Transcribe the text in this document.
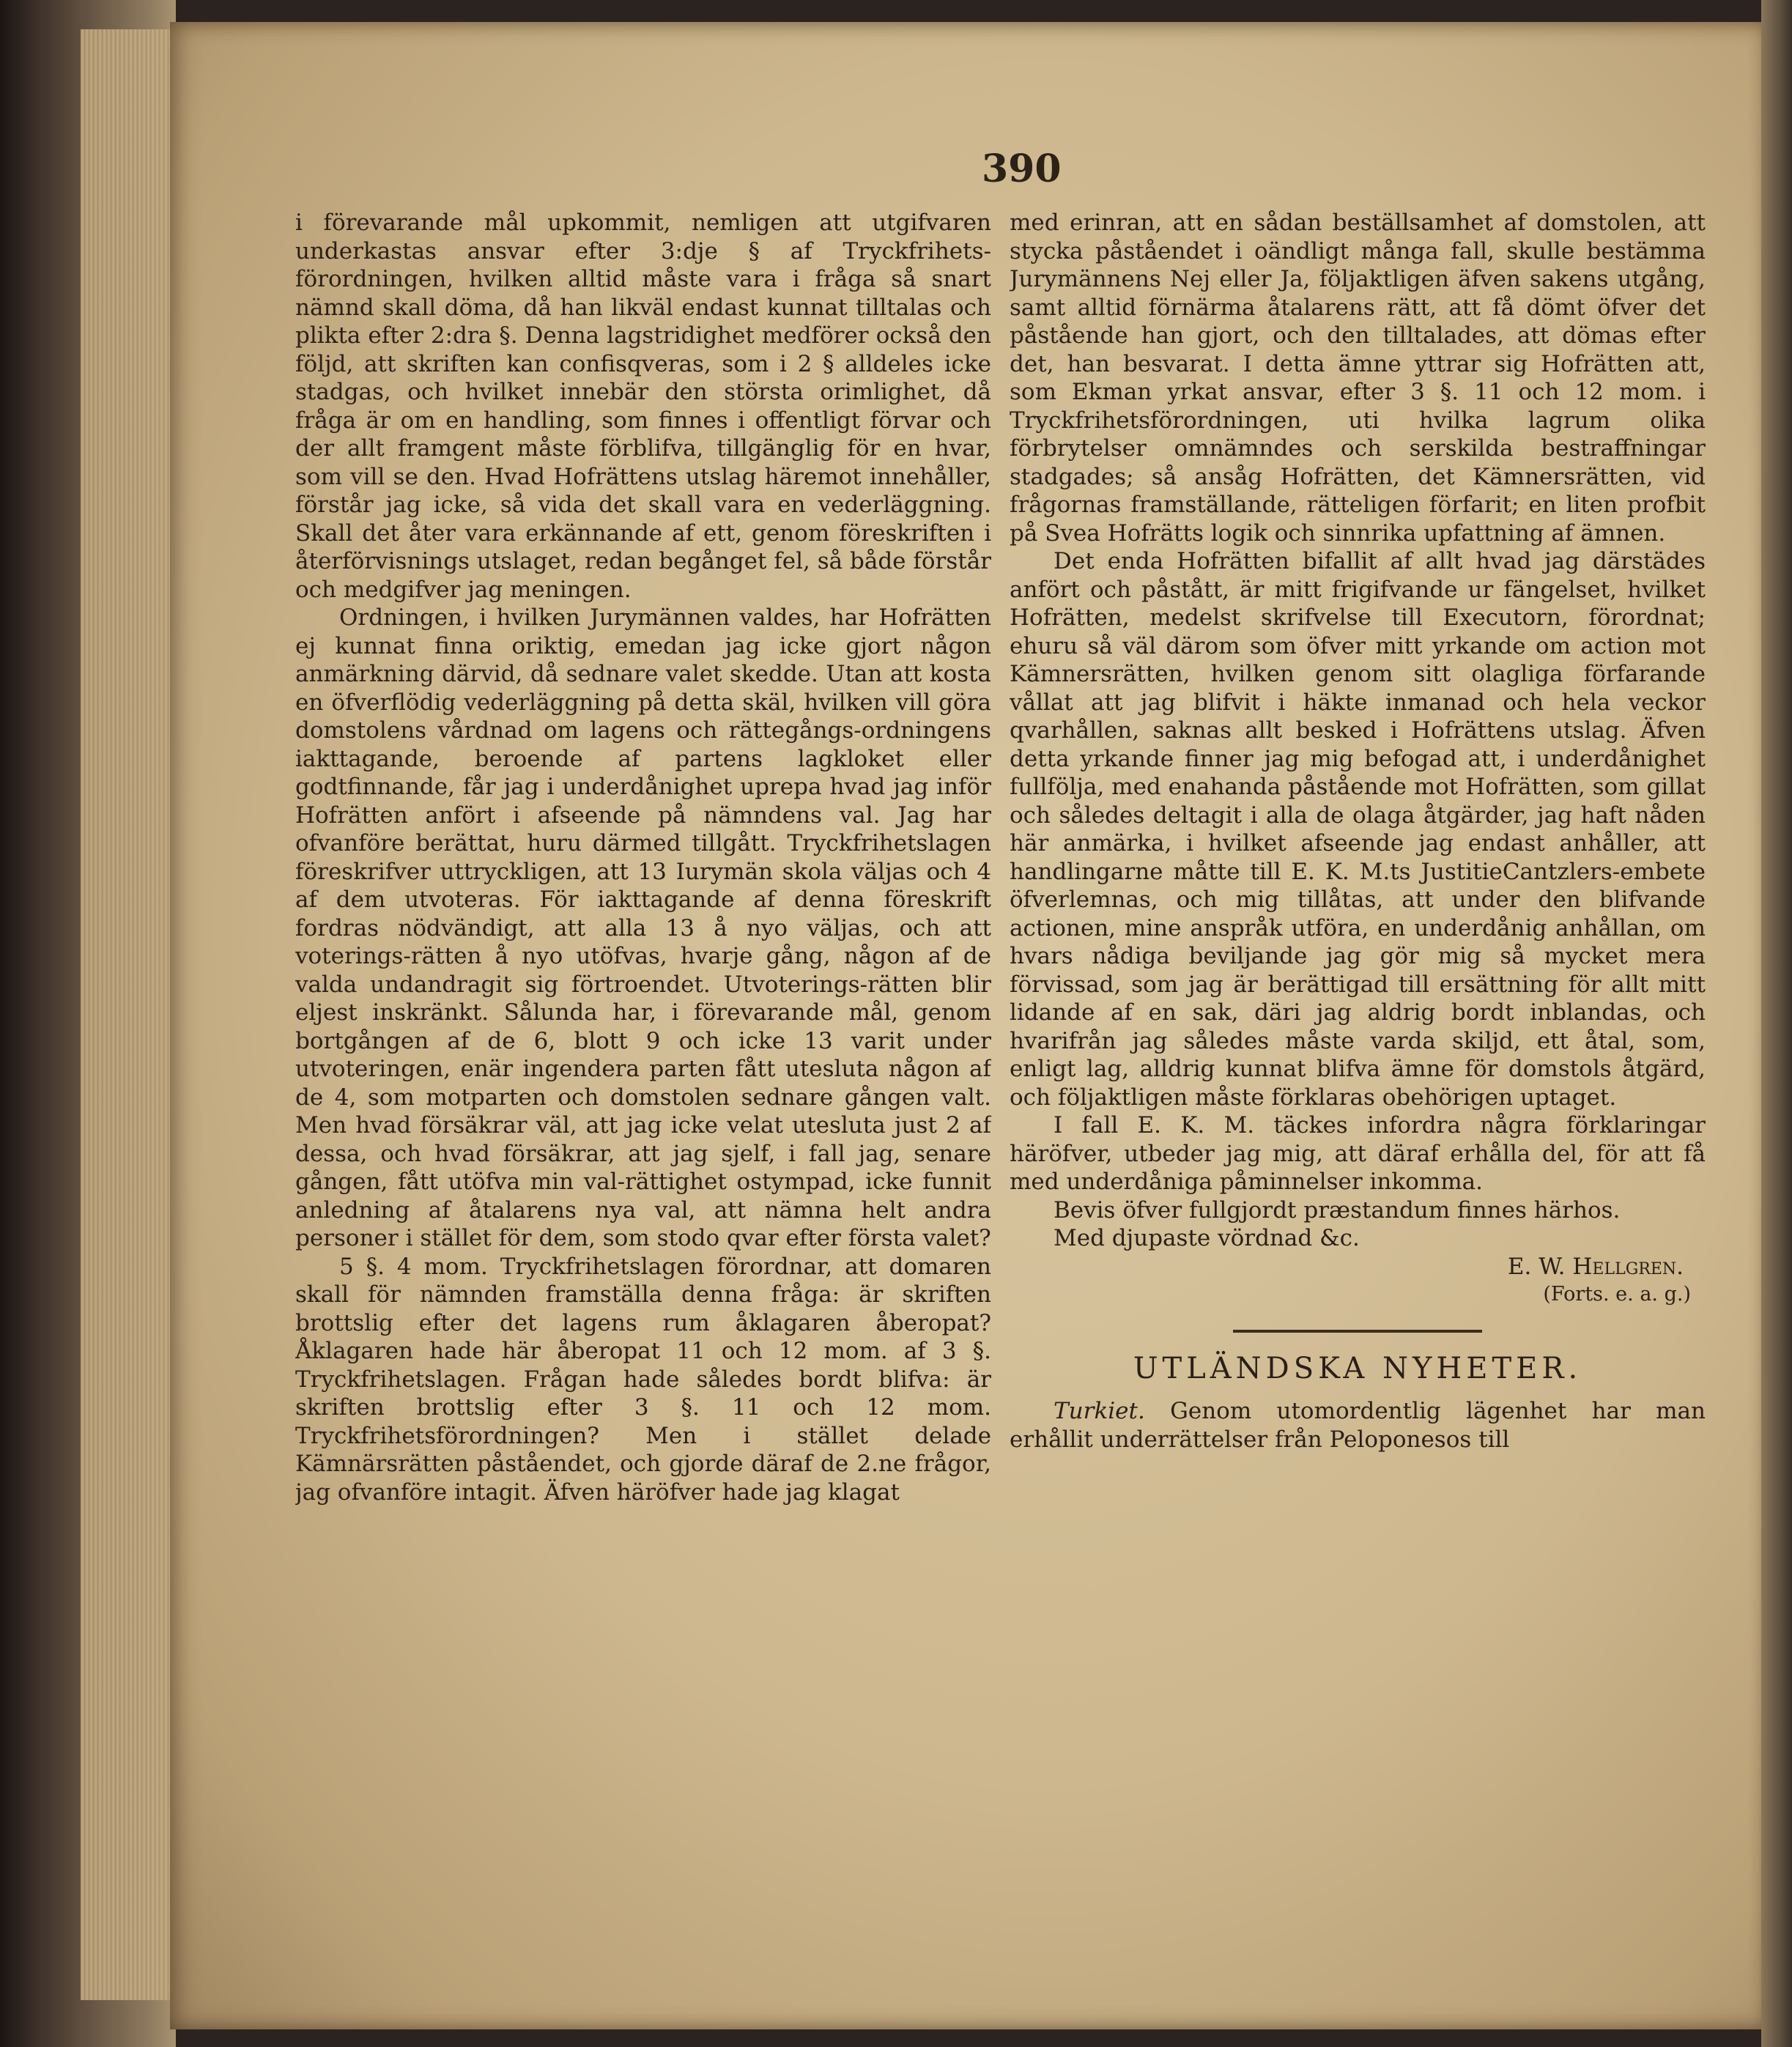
390

i förevarande mål upkommit, nemligen att utgifvaren underkastas ansvar efter 3:dje § af Tryckfrihets-förordningen, hvilken alltid måste vara i fråga så snart nämnd skall döma, då han likväl endast kunnat tilltalas och plikta efter 2:dra §. Denna lagstridighet medförer också den följd, att skriften kan confisqveras, som i 2 § alldeles icke stadgas, och hvilket innebär den största orimlighet, då fråga är om en handling, som finnes i offentligt förvar och der allt framgent måste förblifva, tillgänglig för en hvar, som vill se den. Hvad Hofrättens utslag häremot innehåller, förstår jag icke, så vida det skall vara en vederläggning. Skall det åter vara erkännande af ett, genom föreskriften i återförvisnings utslaget, redan begånget fel, så både förstår och medgifver jag meningen.

Ordningen, i hvilken Jurymännen valdes, har Hofrätten ej kunnat finna oriktig, emedan jag icke gjort någon anmärkning därvid, då sednare valet skedde. Utan att kosta en öfverflödig vederläggning på detta skäl, hvilken vill göra domstolens vårdnad om lagens och rättegångs-ordningens iakttagande, beroende af partens lagkloket eller godtfinnande, får jag i underdånighet uprepa hvad jag inför Hofrätten anfört i afseende på nämndens val. Jag har ofvanföre berättat, huru därmed tillgått. Tryckfrihetslagen föreskrifver uttryckligen, att 13 Iurymän skola väljas och 4 af dem utvoteras. För iakttagande af denna föreskrift fordras nödvändigt, att alla 13 å nyo väljas, och att voterings-rätten å nyo utöfvas, hvarje gång, någon af de valda undandragit sig förtroendet. Utvoterings-rätten blir eljest inskränkt. Sålunda har, i förevarande mål, genom bortgången af de 6, blott 9 och icke 13 varit under utvoteringen, enär ingendera parten fått utesluta någon af de 4, som motparten och domstolen sednare gången valt. Men hvad försäkrar väl, att jag icke velat utesluta just 2 af dessa, och hvad försäkrar, att jag sjelf, i fall jag, senare gången, fått utöfva min val-rättighet ostympad, icke funnit anledning af åtalarens nya val, att nämna helt andra personer i stället för dem, som stodo qvar efter första valet?

5 §. 4 mom. Tryckfrihetslagen förordnar, att domaren skall för nämnden framställa denna fråga: är skriften brottslig efter det lagens rum åklagaren åberopat? Åklagaren hade här åberopat 11 och 12 mom. af 3 §. Tryckfrihetslagen. Frågan hade således bordt blifva: är skriften brottslig efter 3 §. 11 och 12 mom. Tryckfrihetsförordningen? Men i stället delade Kämnärsrätten påståendet, och gjorde däraf de 2.ne frågor, jag ofvanföre intagit. Äfven häröfver hade jag klagat

med erinran, att en sådan beställsamhet af domstolen, att stycka påståendet i oändligt många fall, skulle bestämma Jurymännens Nej eller Ja, följaktligen äfven sakens utgång, samt alltid förnärma åtalarens rätt, att få dömt öfver det påstående han gjort, och den tilltalades, att dömas efter det, han besvarat. I detta ämne yttrar sig Hofrätten att, som Ekman yrkat ansvar, efter 3 §. 11 och 12 mom. i Tryckfrihetsförordningen, uti hvilka lagrum olika förbrytelser omnämndes och serskilda bestraffningar stadgades; så ansåg Hofrätten, det Kämnersrätten, vid frågornas framställande, rätteligen förfarit; en liten profbit på Svea Hofrätts logik och sinnrika upfattning af ämnen.

Det enda Hofrätten bifallit af allt hvad jag därstädes anfört och påstått, är mitt frigifvande ur fängelset, hvilket Hofrätten, medelst skrifvelse till Executorn, förordnat; ehuru så väl därom som öfver mitt yrkande om action mot Kämnersrätten, hvilken genom sitt olagliga förfarande vållat att jag blifvit i häkte inmanad och hela veckor qvarhållen, saknas allt besked i Hofrättens utslag. Äfven detta yrkande finner jag mig befogad att, i underdånighet fullfölja, med enahanda påstående mot Hofrätten, som gillat och således deltagit i alla de olaga åtgärder, jag haft nåden här anmärka, i hvilket afseende jag endast anhåller, att handlingarne måtte till E. K. M.ts JustitieCantzlers-embete öfverlemnas, och mig tillåtas, att under den blifvande actionen, mine anspråk utföra, en underdånig anhållan, om hvars nådiga beviljande jag gör mig så mycket mera förvissad, som jag är berättigad till ersättning för allt mitt lidande af en sak, däri jag aldrig bordt inblandas, och hvarifrån jag således måste varda skiljd, ett åtal, som, enligt lag, alldrig kunnat blifva ämne för domstols åtgärd, och följaktligen måste förklaras obehörigen uptaget.

I fall E. K. M. täckes infordra några förklaringar häröfver, utbeder jag mig, att däraf erhålla del, för att få med underdåniga påminnelser inkomma.

Bevis öfver fullgjordt præstandum finnes härhos.

Med djupaste vördnad &c.

E. W. Hellgren.

(Forts. e. a. g.)

UTLÄNDSKA NYHETER.

Turkiet. Genom utomordentlig lägenhet har man erhållit underrättelser från Peloponesos till
